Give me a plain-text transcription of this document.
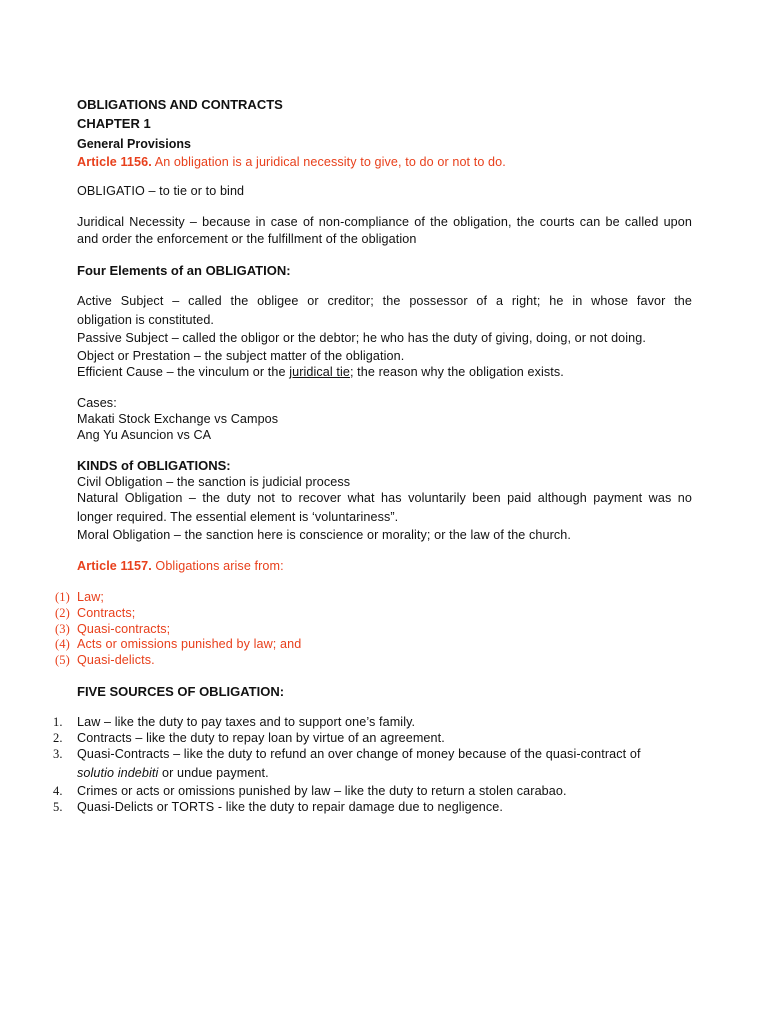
OBLIGATIONS AND CONTRACTS
CHAPTER 1
General Provisions
Article 1156. An obligation is a juridical necessity to give, to do or not to do.
OBLIGATIO – to tie or to bind
Juridical Necessity – because in case of non-compliance of the obligation, the courts can be called upon
and order the enforcement or the fulfillment of the obligation
Four Elements of an OBLIGATION:
Active Subject – called the obligee or creditor; the possessor of a right; he in whose favor the
obligation is constituted.
Passive Subject – called the obligor or the debtor; he who has the duty of giving, doing, or not doing.
Object or Prestation – the subject matter of the obligation.
Efficient Cause – the vinculum or the juridical tie; the reason why the obligation exists.
Cases:
Makati Stock Exchange vs Campos
Ang Yu Asuncion vs CA
KINDS of OBLIGATIONS:
Civil Obligation – the sanction is judicial process
Natural Obligation – the duty not to recover what has voluntarily been paid although payment was no
longer required. The essential element is ‘voluntariness”.
Moral Obligation – the sanction here is conscience or morality; or the law of the church.
Article 1157. Obligations arise from:
(1) Law;
(2) Contracts;
(3) Quasi-contracts;
(4) Acts or omissions punished by law; and
(5) Quasi-delicts.
FIVE SOURCES OF OBLIGATION:
1. Law – like the duty to pay taxes and to support one’s family.
2. Contracts – like the duty to repay loan by virtue of an agreement.
3. Quasi-Contracts – like the duty to refund an over change of money because of the quasi-contract of
solutio indebiti or undue payment.
4. Crimes or acts or omissions punished by law – like the duty to return a stolen carabao.
5. Quasi-Delicts or TORTS - like the duty to repair damage due to negligence.
